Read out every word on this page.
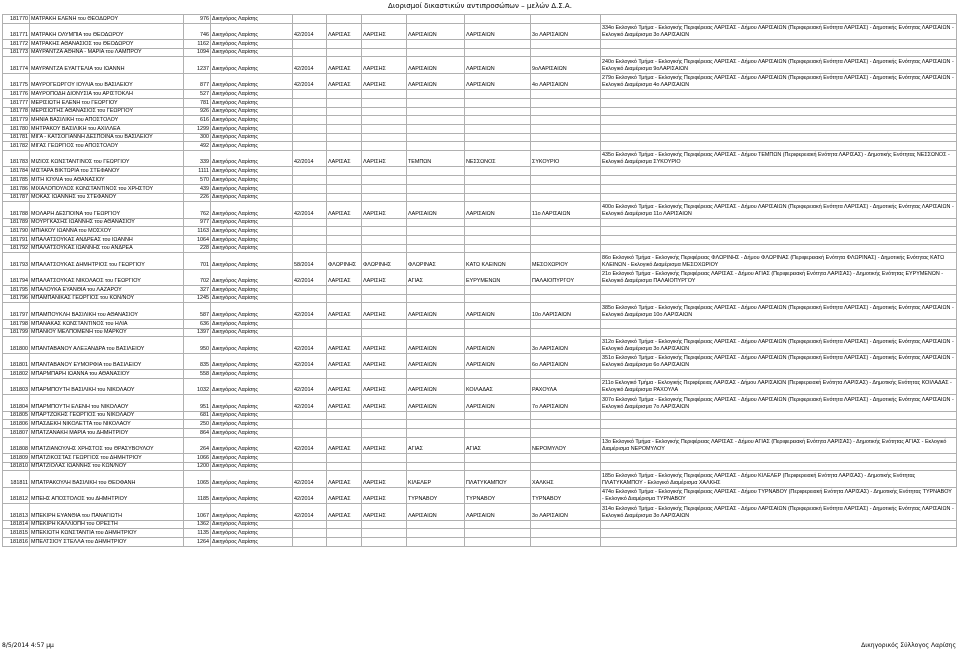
Διορισμοί δικαστικών αντιπροσώπων – μελών Δ.Σ.Α.
181770	ΜΑΤΡΑΚΗ ΕΛΕΝΗ του ΘΕΟΔΩΡΟΥ	976	Δικηγόρος Λαρίσης							
181771	ΜΑΤΡΑΚΗ ΟΛΥΜΠΙΑ του ΘΕΟΔΩΡΟΥ	746	Δικηγόρος Λαρίσης	42/2014	ΛΑΡΙΣΑΣ	ΛΑΡΙΣΗΣ	ΛΑΡΙΣΑΙΩΝ	ΛΑΡΙΣΑΙΩΝ	3ο ΛΑΡΙΣΑΙΩΝ	334ο Εκλογικό Τμήμα - Εκλογικής Περιφέρειας ΛΑΡΙΣΑΣ - Δήμου ΛΑΡΙΣΑΙΩΝ (Περιφερειακή Ενότητα ΛΑΡΙΣΑΣ) - Δημοτικής Ενότητας ΛΑΡΙΣΑΙΩΝ - Εκλογικό Διαμέρισμα 3ο ΛΑΡΙΣΑΙΩΝ
181772	ΜΑΤΡΑΚΗΣ ΑΘΑΝΑΣΙΟΣ του ΘΕΟΔΩΡΟΥ	1162	Δικηγόρος Λαρίσης							
181773	ΜΑΥΡΑΝΤΖΑ ΑΘΗΝΑ - ΜΑΡΙΑ του ΛΑΜΠΡΟΥ	1094	Δικηγόρος Λαρίσης							
181774	ΜΑΥΡΑΝΤΖΑ ΕΥΑΓΓΕΛΙΑ του ΙΩΑΝΝΗ	1237	Δικηγόρος Λαρίσης	42/2014	ΛΑΡΙΣΑΣ	ΛΑΡΙΣΗΣ	ΛΑΡΙΣΑΙΩΝ	ΛΑΡΙΣΑΙΩΝ	9οΛΑΡΙΣΑΙΩΝ	240ο Εκλογικό Τμήμα - Εκλογικής Περιφέρειας ΛΑΡΙΣΑΣ - Δήμου ΛΑΡΙΣΑΙΩΝ (Περιφερειακή Ενότητα ΛΑΡΙΣΑΣ) - Δημοτικής Ενότητας ΛΑΡΙΣΑΙΩΝ - Εκλογικό Διαμέρισμα 9οΛΑΡΙΣΑΙΩΝ
181775	ΜΑΥΡΟΓΕΩΡΓΟΥ ΙΟΥΛΙΑ του ΒΑΣΙΛΕΙΟΥ	877	Δικηγόρος Λαρίσης	42/2014	ΛΑΡΙΣΑΣ	ΛΑΡΙΣΗΣ	ΛΑΡΙΣΑΙΩΝ	ΛΑΡΙΣΑΙΩΝ	4ο ΛΑΡΙΣΑΙΩΝ	279ο Εκλογικό Τμήμα - Εκλογικής Περιφέρειας ΛΑΡΙΣΑΣ - Δήμου ΛΑΡΙΣΑΙΩΝ (Περιφερειακή Ενότητα ΛΑΡΙΣΑΣ) - Δημοτικής Ενότητας ΛΑΡΙΣΑΙΩΝ - Εκλογικό Διαμέρισμα 4ο ΛΑΡΙΣΑΙΩΝ
181776	ΜΑΥΡΟΠΟΔΗ ΔΙΟΝΥΣΙΑ του ΑΡΙΣΤΟΚΛΗ	527	Δικηγόρος Λαρίσης							
181777	ΜΕΡΙΣΙΩΤΗ ΕΛΕΝΗ του ΓΕΩΡΓΙΟΥ	781	Δικηγόρος Λαρίσης							
181778	ΜΕΡΙΣΙΩΤΗΣ ΑΘΑΝΑΣΙΟΣ του ΓΕΩΡΓΙΟΥ	926	Δικηγόρος Λαρίσης							
181779	ΜΗΝΙΑ ΒΑΣΙΛΙΚΗ του ΑΠΟΣΤΟΛΟΥ	616	Δικηγόρος Λαρίσης							
181780	ΜΗΤΡΑΚΟΥ ΒΑΣΙΛΙΚΗ του ΑΧΙΛΛΕΑ	1299	Δικηγόρος Λαρίσης							
181781	ΜΙΓΑ - ΚΑΤΣΟΓΙΑΝΝΗ ΔΕΣΠΟΙΝΑ του ΒΑΣΙΛΕΙΟΥ	300	Δικηγόρος Λαρίσης							
181782	ΜΙΓΑΣ ΓΕΩΡΓΙΟΣ του ΑΠΟΣΤΟΛΟΥ	492	Δικηγόρος Λαρίσης							
181783	ΜΙΖΙΟΣ ΚΩΝΣΤΑΝΤΙΝΟΣ του ΓΕΩΡΓΙΟΥ	339	Δικηγόρος Λαρίσης	42/2014	ΛΑΡΙΣΑΣ	ΛΑΡΙΣΗΣ	ΤΕΜΠΩΝ	ΝΕΣΣΩΝΟΣ	ΣΥΚΟΥΡΙΟ	435ο Εκλογικό Τμήμα - Εκλογικής Περιφέρειας ΛΑΡΙΣΑΣ - Δήμου ΤΕΜΠΩΝ (Περιφερειακή Ενότητα ΛΑΡΙΣΑΣ) - Δημοτικής Ενότητας ΝΕΣΣΩΝΟΣ - Εκλογικό Διαμέρισμα ΣΥΚΟΥΡΙΟ
181784	ΜΙΣΤΑΡΑ ΒΙΚΤΩΡΙΑ του ΣΤΕΦΑΝΟΥ	1111	Δικηγόρος Λαρίσης							
181785	ΜΙΤΗ ΙΟΥΛΙΑ του ΑΘΑΝΑΣΙΟΥ	570	Δικηγόρος Λαρίσης							
181786	ΜΙΧΑΛΟΠΟΥΛΟΣ ΚΩΝΣΤΑΝΤΙΝΟΣ του ΧΡΗΣΤΟΥ	439	Δικηγόρος Λαρίσης							
181787	ΜΟΚΑΣ ΙΩΑΝΝΗΣ του ΣΤΕΦΑΝΟΥ	226	Δικηγόρος Λαρίσης							
181788	ΜΟΛΑΡΗ ΔΕΣΠΟΙΝΑ του ΓΕΩΡΓΙΟΥ	762	Δικηγόρος Λαρίσης	42/2014	ΛΑΡΙΣΑΣ	ΛΑΡΙΣΗΣ	ΛΑΡΙΣΑΙΩΝ	ΛΑΡΙΣΑΙΩΝ	11ο ΛΑΡΙΣΑΙΩΝ	400ο Εκλογικό Τμήμα - Εκλογικής Περιφέρειας ΛΑΡΙΣΑΣ - Δήμου ΛΑΡΙΣΑΙΩΝ (Περιφερειακή Ενότητα ΛΑΡΙΣΑΣ) - Δημοτικής Ενότητας ΛΑΡΙΣΑΙΩΝ - Εκλογικό Διαμέρισμα 11ο ΛΑΡΙΣΑΙΩΝ
181789	ΜΟΥΡΓΚΑΣΗΣ ΙΩΑΝΝΗΣ του ΑΘΑΝΑΣΙΟΥ	977	Δικηγόρος Λαρίσης							
181790	ΜΠΙΑΚΟΥ ΙΩΑΝΝΑ του ΜΟΣΧΟΥ	1163	Δικηγόρος Λαρίσης							
181791	ΜΠΑΛΑΤΣΟΥΚΑΣ ΑΝΔΡΕΑΣ του ΙΩΑΝΝΗ	1064	Δικηγόρος Λαρίσης							
181792	ΜΠΑΛΑΤΣΟΥΚΑΣ ΙΩΑΝΝΗΣ του ΑΝΔΡΕΑ	228	Δικηγόρος Λαρίσης							
181793	ΜΠΑΛΑΤΣΟΥΚΑΣ ΔΗΜΗΤΡΙΟΣ του ΓΕΩΡΓΙΟΥ	701	Δικηγόρος Λαρίσης	58/2014	ΦΛΩΡΙΝΗΣ	ΦΛΩΡΙΝΗΣ	ΦΛΩΡΙΝΑΣ	ΚΑΤΩ ΚΛΕΙΝΩΝ	ΜΕΣΟΧΩΡΙΟΥ	86ο Εκλογικό Τμήμα - Εκλογικής Περιφέρειας ΦΛΩΡΙΝΗΣ - Δήμου ΦΛΩΡΙΝΑΣ (Περιφερειακή Ενότητα ΦΛΩΡΙΝΑΣ) - Δημοτικής Ενότητας ΚΑΤΩ ΚΛΕΙΝΩΝ - Εκλογικό Διαμέρισμα ΜΕΣΟΧΩΡΙΟΥ
181794	ΜΠΑΛΑΤΣΟΥΚΑΣ ΝΙΚΟΛΑΟΣ του ΓΕΩΡΓΙΟΥ	702	Δικηγόρος Λαρίσης	42/2014	ΛΑΡΙΣΑΣ	ΛΑΡΙΣΗΣ	ΑΓΙΑΣ	ΕΥΡΥΜΕΝΩΝ	ΠΑΛΑΙΟΠΥΡΓΟΥ	21ο Εκλογικό Τμήμα - Εκλογικής Περιφέρειας ΛΑΡΙΣΑΣ - Δήμου ΑΓΙΑΣ (Περιφερειακή Ενότητα ΛΑΡΙΣΑΣ) - Δημοτικής Ενότητας ΕΥΡΥΜΕΝΩΝ - Εκλογικό Διαμέρισμα ΠΑΛΑΙΟΠΥΡΓΟΥ
181795	ΜΠΑΛΟΥΚΑ ΕΥΑΝΘΙΑ του ΛΑΖΑΡΟΥ	327	Δικηγόρος Λαρίσης							
181796	ΜΠΑΜΠΑΝΙΚΑΣ ΓΕΩΡΓΙΟΣ του ΚΩΝ/ΝΟΥ	1245	Δικηγόρος Λαρίσης							
181797	ΜΠΑΜΠΟΥΚΛΗ ΒΑΣΙΛΙΚΗ του ΑΘΑΝΑΣΙΟΥ	587	Δικηγόρος Λαρίσης	42/2014	ΛΑΡΙΣΑΣ	ΛΑΡΙΣΗΣ	ΛΑΡΙΣΑΙΩΝ	ΛΑΡΙΣΑΙΩΝ	10ο ΛΑΡΙΣΑΙΩΝ	385ο Εκλογικό Τμήμα - Εκλογικής Περιφέρειας ΛΑΡΙΣΑΣ - Δήμου ΛΑΡΙΣΑΙΩΝ (Περιφερειακή Ενότητα ΛΑΡΙΣΑΣ) - Δημοτικής Ενότητας ΛΑΡΙΣΑΙΩΝ - Εκλογικό Διαμέρισμα 10ο ΛΑΡΙΣΑΙΩΝ
181798	ΜΠΑΝΑΚΑΣ ΚΩΝΣΤΑΝΤΙΝΟΣ του ΗΛΙΑ	636	Δικηγόρος Λαρίσης							
181799	ΜΠΑΝΙΟΥ ΜΕΛΠΟΜΕΝΗ του ΜΑΡΚΟΥ	1397	Δικηγόρος Λαρίσης							
181800	ΜΠΑΝΤΑΒΑΝΟΥ ΑΛΕΞΑΝΔΡΑ του ΒΑΣΙΛΕΙΟΥ	950	Δικηγόρος Λαρίσης	42/2014	ΛΑΡΙΣΑΣ	ΛΑΡΙΣΗΣ	ΛΑΡΙΣΑΙΩΝ	ΛΑΡΙΣΑΙΩΝ	3ο ΛΑΡΙΣΑΙΩΝ	312ο Εκλογικό Τμήμα - Εκλογικής Περιφέρειας ΛΑΡΙΣΑΣ - Δήμου ΛΑΡΙΣΑΙΩΝ (Περιφερειακή Ενότητα ΛΑΡΙΣΑΣ) - Δημοτικής Ενότητας ΛΑΡΙΣΑΙΩΝ - Εκλογικό Διαμέρισμα 3ο ΛΑΡΙΣΑΙΩΝ
181801	ΜΠΑΝΤΑΒΑΝΟΥ ΕΥΜΟΡΦΙΑ του ΒΑΣΙΛΕΙΟΥ	835	Δικηγόρος Λαρίσης	42/2014	ΛΑΡΙΣΑΣ	ΛΑΡΙΣΗΣ	ΛΑΡΙΣΑΙΩΝ	ΛΑΡΙΣΑΙΩΝ	6ο ΛΑΡΙΣΑΙΩΝ	351ο Εκλογικό Τμήμα - Εκλογικής Περιφέρειας ΛΑΡΙΣΑΣ - Δήμου ΛΑΡΙΣΑΙΩΝ (Περιφερειακή Ενότητα ΛΑΡΙΣΑΣ) - Δημοτικής Ενότητας ΛΑΡΙΣΑΙΩΝ - Εκλογικό Διαμέρισμα 6ο ΛΑΡΙΣΑΙΩΝ
181802	ΜΠΑΡΜΠΑΡΗ ΙΩΑΝΝΑ του ΑΘΑΝΑΣΙΟΥ	558	Δικηγόρος Λαρίσης							
181803	ΜΠΑΡΜΠΟΥΤΗ ΒΑΣΙΛΙΚΗ του ΝΙΚΟΛΑΟΥ	1032	Δικηγόρος Λαρίσης	42/2014	ΛΑΡΙΣΑΣ	ΛΑΡΙΣΗΣ	ΛΑΡΙΣΑΙΩΝ	ΚΟΙΛΑΔΑΣ	ΡΑΧΟΥΛΑ	211ο Εκλογικό Τμήμα - Εκλογικής Περιφέρειας ΛΑΡΙΣΑΣ - Δήμου ΛΑΡΙΣΑΙΩΝ (Περιφερειακή Ενότητα ΛΑΡΙΣΑΣ) - Δημοτικής Ενότητας ΚΟΙΛΑΔΑΣ - Εκλογικό Διαμέρισμα ΡΑΧΟΥΛΑ
181804	ΜΠΑΡΜΠΟΥΤΗ ΕΛΕΝΗ του ΝΙΚΟΛΑΟΥ	951	Δικηγόρος Λαρίσης	42/2014	ΛΑΡΙΣΑΣ	ΛΑΡΙΣΗΣ	ΛΑΡΙΣΑΙΩΝ	ΛΑΡΙΣΑΙΩΝ	7ο ΛΑΡΙΣΑΙΩΝ	307ο Εκλογικό Τμήμα - Εκλογικής Περιφέρειας ΛΑΡΙΣΑΣ - Δήμου ΛΑΡΙΣΑΙΩΝ (Περιφερειακή Ενότητα ΛΑΡΙΣΑΣ) - Δημοτικής Ενότητας ΛΑΡΙΣΑΙΩΝ - Εκλογικό Διαμέρισμα 7ο ΛΑΡΙΣΑΙΩΝ
181805	ΜΠΑΡΤΖΩΚΗΣ ΓΕΩΡΓΙΟΣ του ΝΙΚΟΛΑΟΥ	681	Δικηγόρος Λαρίσης							
181806	ΜΠΑΣΔΕΚΗ ΝΙΚΟΛΕΤΤΑ του ΝΙΚΟΛΑΟΥ	250	Δικηγόρος Λαρίσης							
181807	ΜΠΑΤΖΑΝΑΚΗ ΜΑΡΙΑ του ΔΗΜΗΤΡΙΟΥ	864	Δικηγόρος Λαρίσης							
181808	ΜΠΑΤΖΙΑΝΟΥΛΗΣ ΧΡΗΣΤΟΣ του ΘΡΑΣΥΒΟΥΛΟΥ	264	Δικηγόρος Λαρίσης	42/2014	ΛΑΡΙΣΑΣ	ΛΑΡΙΣΗΣ	ΑΓΙΑΣ	ΑΓΙΑΣ	ΝΕΡΟΜΥΛΟΥ	13ο Εκλογικό Τμήμα - Εκλογικής Περιφέρειας ΛΑΡΙΣΑΣ - Δήμου ΑΓΙΑΣ (Περιφερειακή Ενότητα ΛΑΡΙΣΑΣ) - Δημοτικής Ενότητας ΑΓΙΑΣ - Εκλογικό Διαμέρισμα ΝΕΡΟΜΥΛΟΥ
181809	ΜΠΑΤΖΙΚΟΣΤΑΣ ΓΕΩΡΓΙΟΣ του ΔΗΜΗΤΡΙΟΥ	1066	Δικηγόρος Λαρίσης							
181810	ΜΠΑΤΖΙΟΛΑΣ ΙΩΑΝΝΗΣ του ΚΩΝ/ΝΟΥ	1200	Δικηγόρος Λαρίσης							
181811	ΜΠΑΤΡΑΚΟΥΛΗ ΒΑΣΙΛΙΚΗ του ΘΕΟΦΑΝΗ	1065	Δικηγόρος Λαρίσης	42/2014	ΛΑΡΙΣΑΣ	ΛΑΡΙΣΗΣ	ΚΙΛΕΛΕΡ	ΠΛΑΤΥΚΑΜΠΟΥ	ΧΑΛΚΗΣ	185ο Εκλογικό Τμήμα - Εκλογικής Περιφέρειας ΛΑΡΙΣΑΣ - Δήμου ΚΙΛΕΛΕΡ (Περιφερειακή Ενότητα ΛΑΡΙΣΑΣ) - Δημοτικής Ενότητας ΠΛΑΤΥΚΑΜΠΟΥ - Εκλογικό Διαμέρισμα ΧΑΛΚΗΣ
181812	ΜΠΕΗΣ ΑΠΟΣΤΟΛΟΣ του ΔΗΜΗΤΡΙΟΥ	1185	Δικηγόρος Λαρίσης	42/2014	ΛΑΡΙΣΑΣ	ΛΑΡΙΣΗΣ	ΤΥΡΝΑΒΟΥ	ΤΥΡΝΑΒΟΥ	ΤΥΡΝΑΒΟΥ	474ο Εκλογικό Τμήμα - Εκλογικής Περιφέρειας ΛΑΡΙΣΑΣ - Δήμου ΤΥΡΝΑΒΟΥ (Περιφερειακή Ενότητα ΛΑΡΙΣΑΣ) - Δημοτικής Ενότητας ΤΥΡΝΑΒΟΥ - Εκλογικό Διαμέρισμα ΤΥΡΝΑΒΟΥ
181813	ΜΠΕΚΙΡΗ ΕΥΑΝΘΙΑ του ΠΑΝΑΓΙΩΤΗ	1067	Δικηγόρος Λαρίσης	42/2014	ΛΑΡΙΣΑΣ	ΛΑΡΙΣΗΣ	ΛΑΡΙΣΑΙΩΝ	ΛΑΡΙΣΑΙΩΝ	3ο ΛΑΡΙΣΑΙΩΝ	314ο Εκλογικό Τμήμα - Εκλογικής Περιφέρειας ΛΑΡΙΣΑΣ - Δήμου ΛΑΡΙΣΑΙΩΝ (Περιφερειακή Ενότητα ΛΑΡΙΣΑΣ) - Δημοτικής Ενότητας ΛΑΡΙΣΑΙΩΝ - Εκλογικό Διαμέρισμα 3ο ΛΑΡΙΣΑΙΩΝ
181814	ΜΠΕΚΙΡΗ ΚΑΛΛΙΟΠΗ του ΟΡΕΣΤΗ	1362	Δικηγόρος Λαρίσης							
181815	ΜΠΕΚΙΩΤΗ ΚΩΝΣΤΑΝΤΙΑ του ΔΗΜΗΤΡΙΟΥ	1135	Δικηγόρος Λαρίσης							
181816	ΜΠΕΛΤΣΙΟΥ ΣΤΕΛΛΑ του ΔΗΜΗΤΡΙΟΥ	1264	Δικηγόρος Λαρίσης							
8/5/2014 4:57 μμ	Δικηγορικός Σύλλογος Λαρίσης
